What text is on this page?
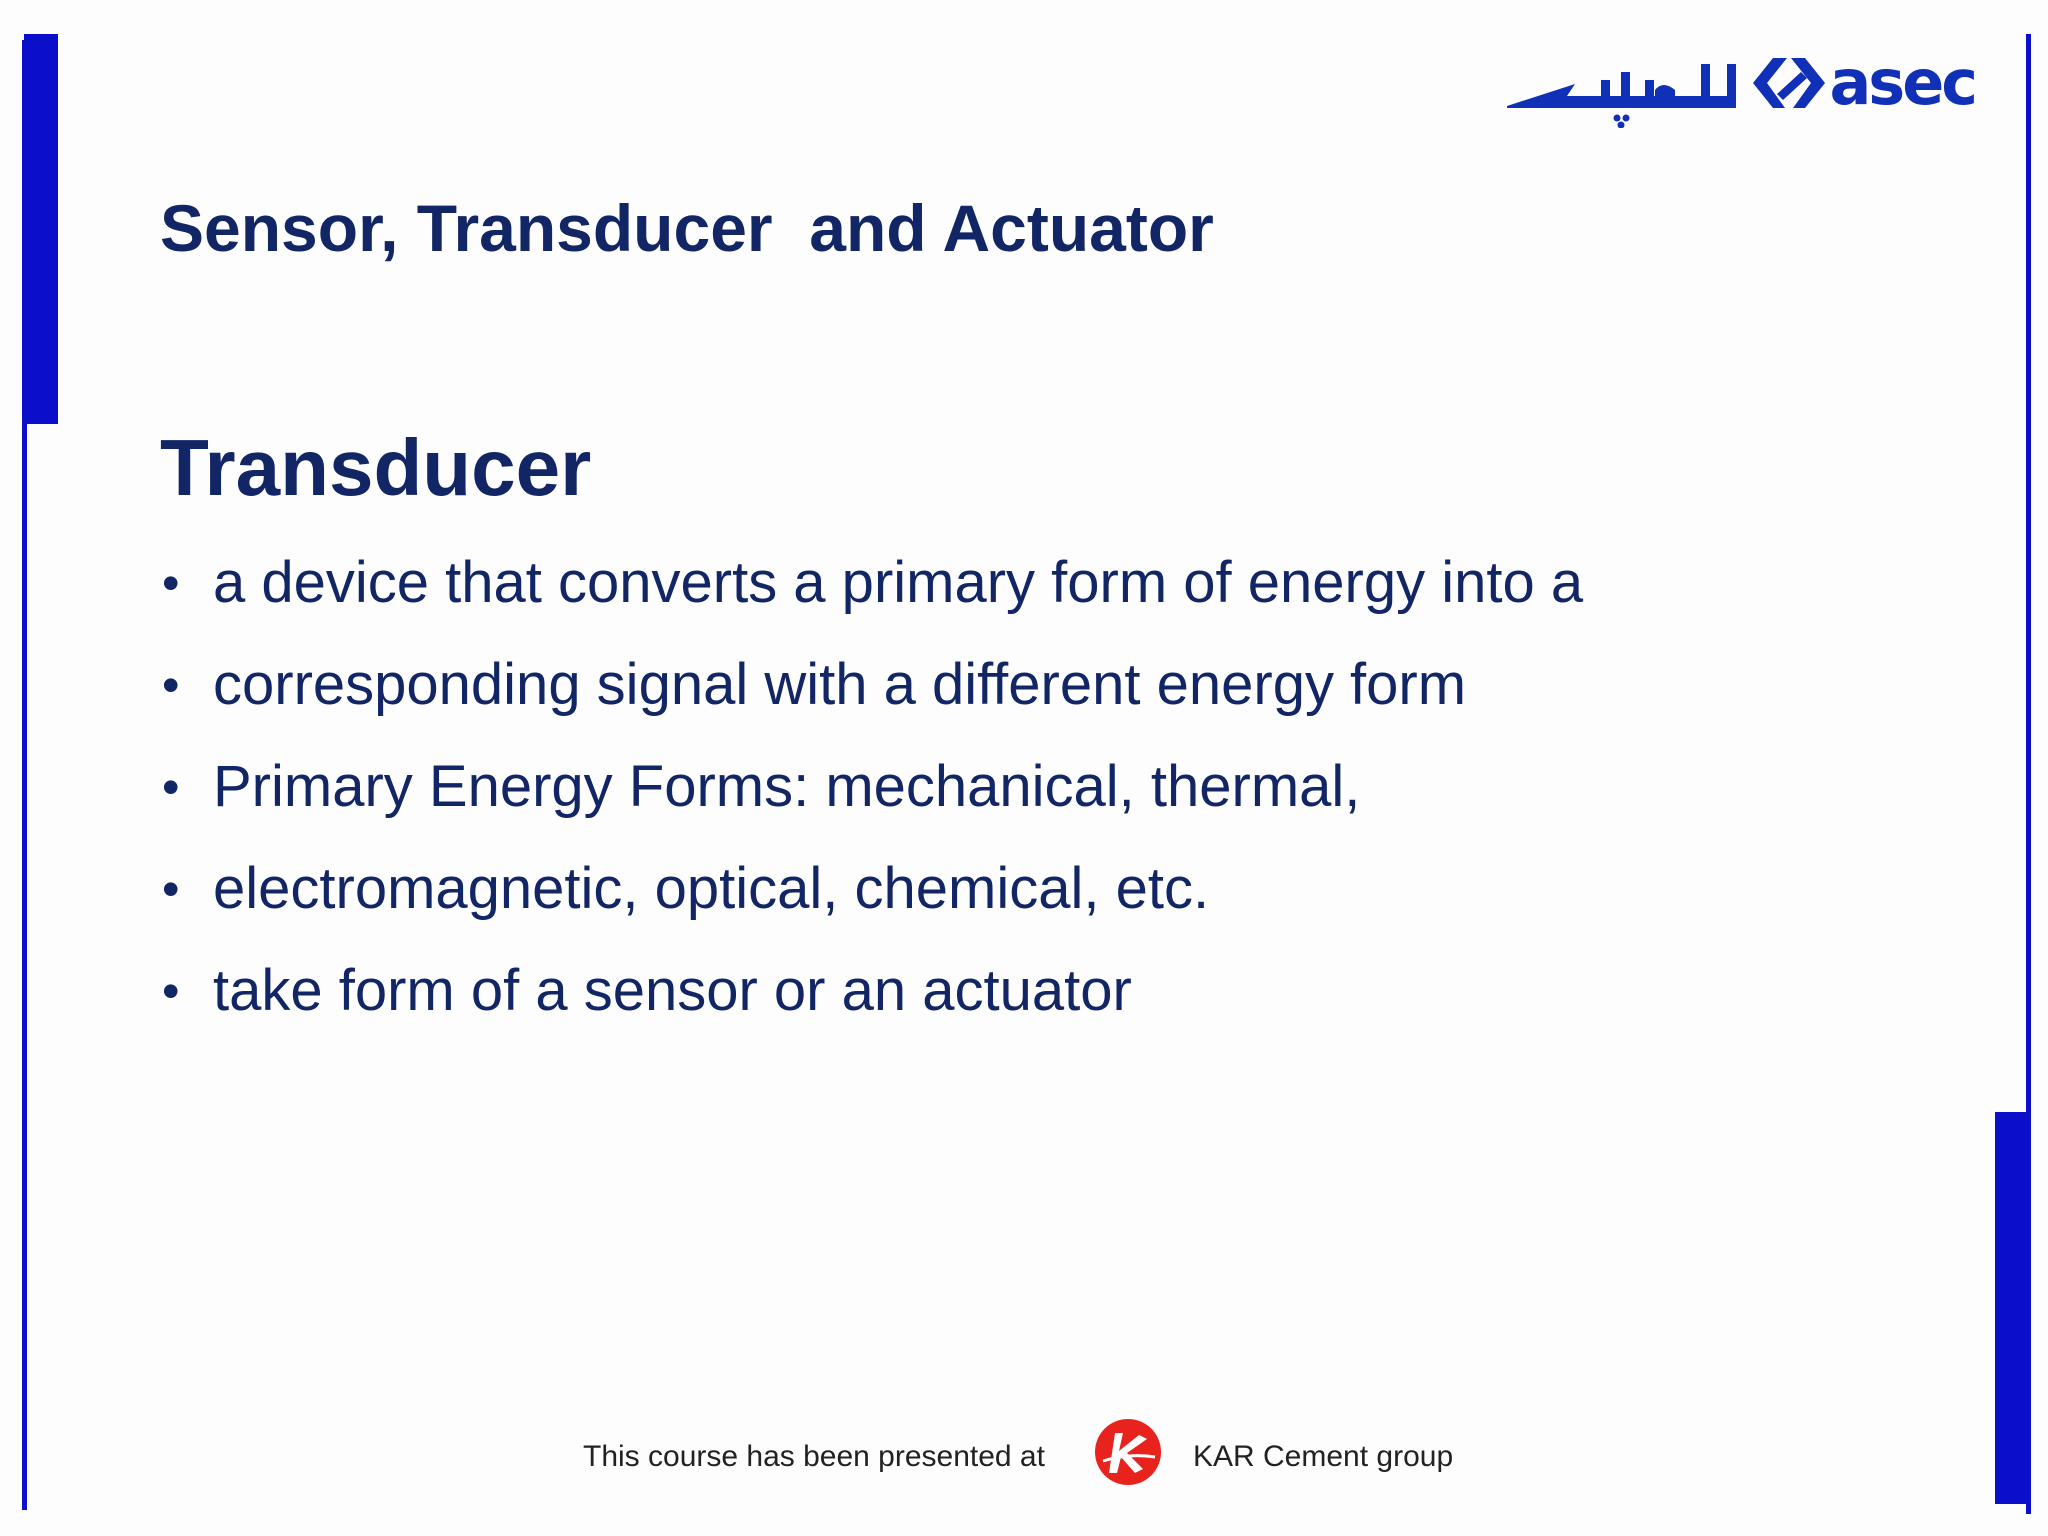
asec
Sensor, Transducer  and Actuator
Transducer
• a device that converts a primary form of energy into a
• corresponding signal with a different energy form
• Primary Energy Forms: mechanical, thermal,
• electromagnetic, optical, chemical, etc.
• take form of a sensor or an actuator
This course has been presented at	KAR Cement group
